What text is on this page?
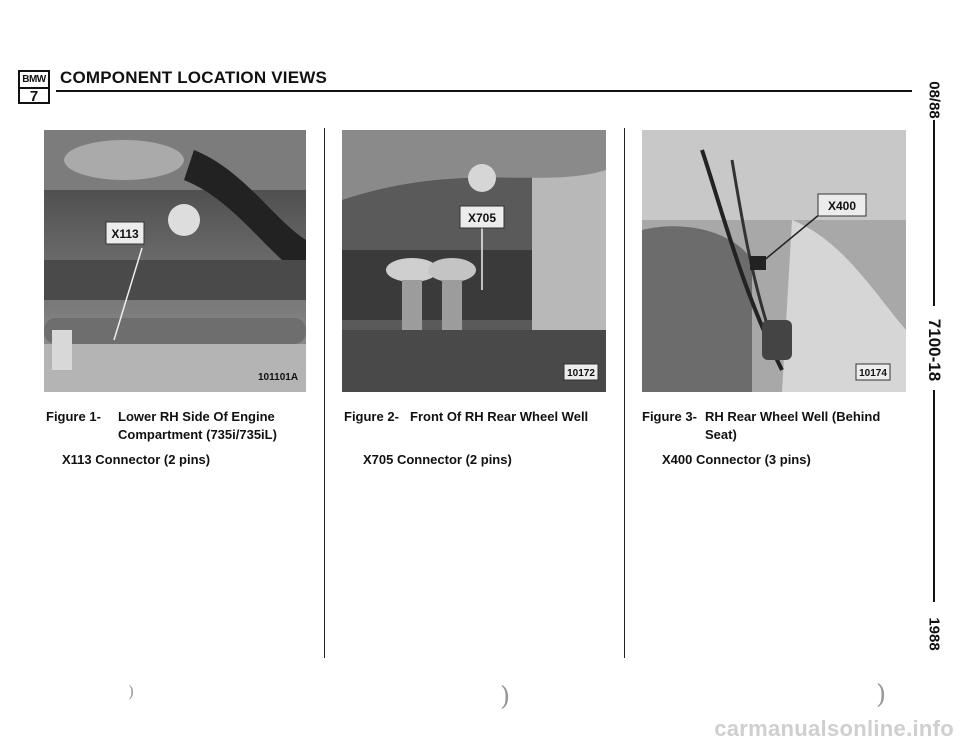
BMW
7
COMPONENT LOCATION VIEWS
X113
101101A
X705
10172
X400
10174
Figure 1- Lower RH Side Of Engine Compartment (735i/735iL)
X113 Connector (2 pins)
Figure 2- Front Of RH Rear Wheel Well
X705 Connector (2 pins)
Figure 3- RH Rear Wheel Well (Behind Seat)
X400 Connector (3 pins)
08/88
7100-18
1988
)	)	)
carmanualsonline.info
